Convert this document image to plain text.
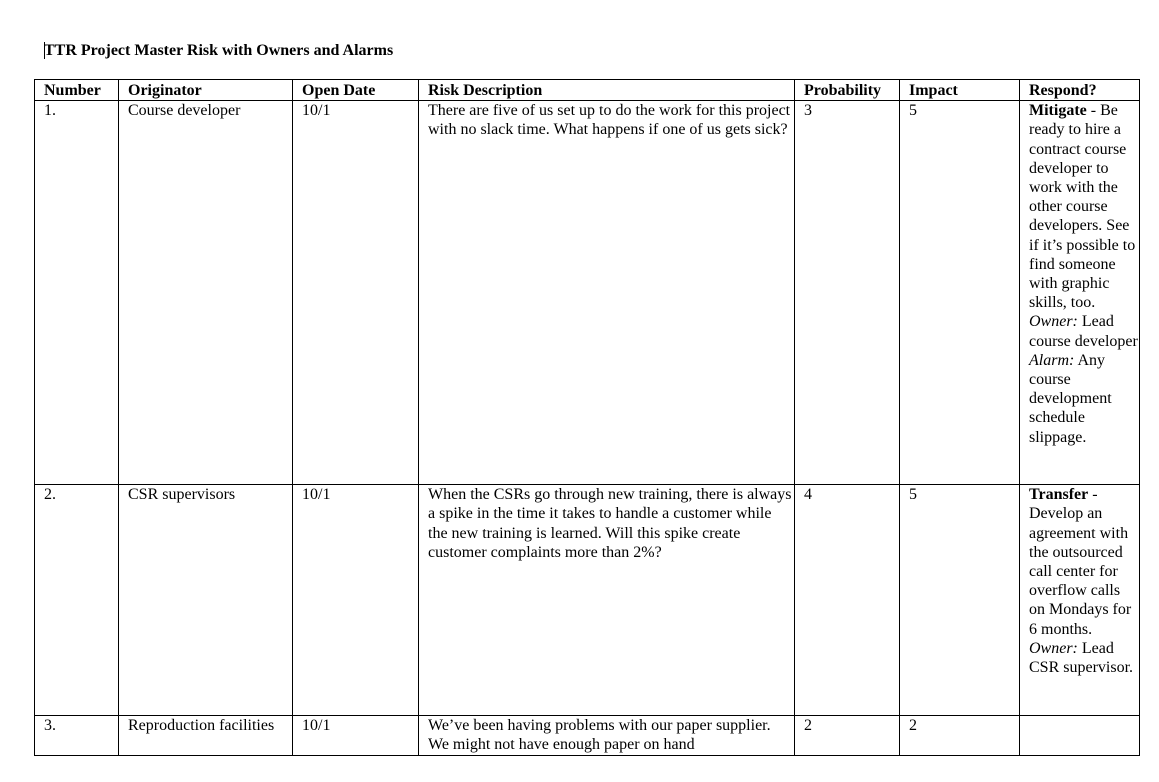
TTR Project Master Risk with Owners and Alarms
Number	Originator	Open Date	Risk Description	Probability	Impact	Respond?
1.	Course developer	10/1	There are five of us set up to do the work for this project with no slack time. What happens if one of us gets sick?	3	5	Mitigate - Be ready to hire a contract course developer to work with the other course developers. See if it’s possible to find someone with graphic skills, too.
Owner: Lead course developer
Alarm: Any course development schedule slippage.
2.	CSR supervisors	10/1	When the CSRs go through new training, there is always a spike in the time it takes to handle a customer while the new training is learned. Will this spike create customer complaints more than 2%?	4	5	Transfer - Develop an agreement with the outsourced call center for overflow calls on Mondays for 6 months.
Owner: Lead CSR supervisor.
3.	Reproduction facilities	10/1	We’ve been having problems with our paper supplier. We might not have enough paper on hand	2	2	
